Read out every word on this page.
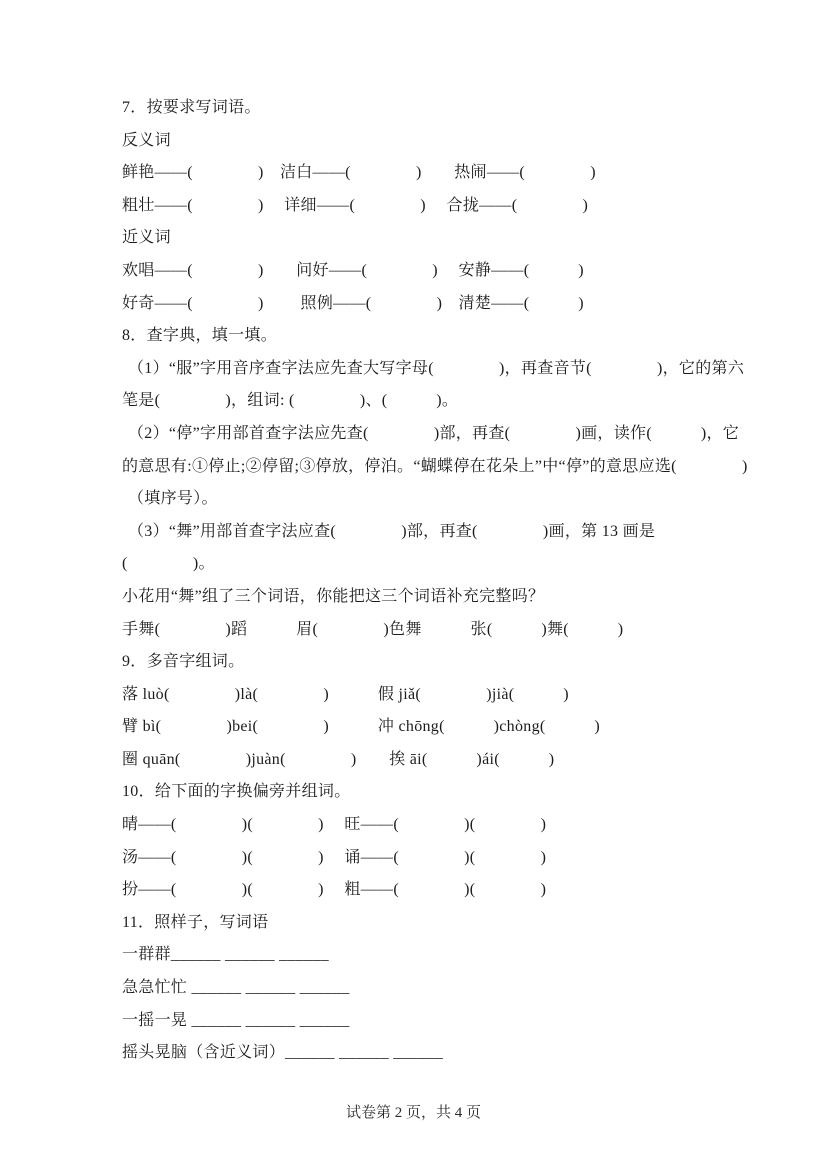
7．按要求写词语。
反义词
鲜艳——(　　　　)　洁白——(　　　　)　　热闹——(　　　　)
粗壮——(　　　　)　 详细——(　　　　)　 合拢——(　　　　)
近义词
欢唱——(　　　　)　　问好——(　　　　)　 安静——(　　　)
好奇——(　　　　)　　 照例——(　　　　)　清楚——(　　　)
8．查字典，填一填。
（1）“服”字用音序查字法应先查大写字母(　　　　)，再查音节(　　　　)，它的第六
笔是(　　　　)，组词: (　　　　)、(　　　)。
（2）“停”字用部首查字法应先查(　　　　)部，再查(　　　　)画，读作(　　　)，它
的意思有:①停止;②停留;③停放，停泊。“蝴蝶停在花朵上”中“停”的意思应选(　　　　)
（填序号）。
（3）“舞”用部首查字法应查(　　　　)部，再查(　　　　)画，第 13 画是
(　　　　)。
小花用“舞”组了三个词语，你能把这三个词语补充完整吗？
手舞(　　　　)蹈　　　眉(　　　　)色舞　　　张(　　　)舞(　　　)
9．多音字组词。
落 luò(　　　　)là(　　　　)　　　假 jiǎ(　　　　)jià(　　　)
臂 bì(　　　　)bei(　　　　)　　　冲 chōng(　　　)chòng(　　　)
圈 quān(　　　　)juàn(　　　　)　　挨 āi(　　　)ái(　　　)
10．给下面的字换偏旁并组词。
晴——(　　　　)(　　　　)　 旺——(　　　　)(　　　　)
汤——(　　　　)(　　　　)　 诵——(　　　　)(　　　　)
扮——(　　　　)(　　　　)　 粗——(　　　　)(　　　　)
11．照样子，写词语
一群群______ ______ ______
急急忙忙 ______ ______ ______
一摇一晃 ______ ______ ______
摇头晃脑（含近义词）______ ______ ______
试卷第 2 页，共 4 页
